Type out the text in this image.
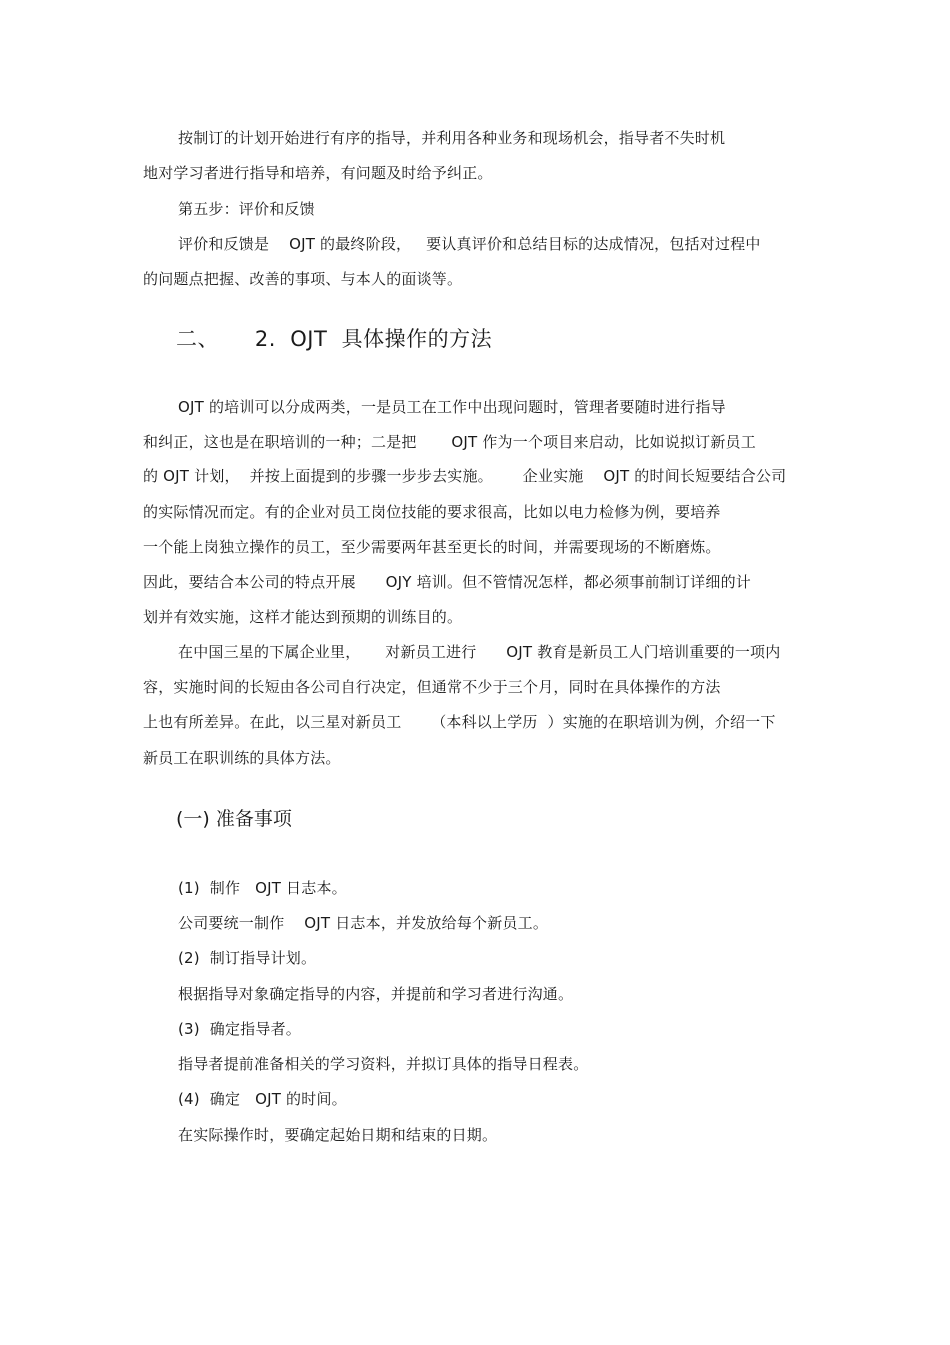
按制订的计划开始进行有序的指导，并利用各种业务和现场机会，指导者不失时机
地对学习者进行指导和培养，有问题及时给予纠正。
第五步：评价和反馈
评价和反馈是    OJT 的最终阶段，   要认真评价和总结目标的达成情况，包括对过程中
的问题点把握、改善的事项、与本人的面谈等。
二、     2.  OJT  具体操作的方法
OJT 的培训可以分成两类，一是员工在工作中出现问题时，管理者要随时进行指导
和纠正，这也是在职培训的一种；二是把       OJT 作为一个项目来启动，比如说拟订新员工
的 OJT 计划，  并按上面提到的步骤一步步去实施。      企业实施    OJT 的时间长短要结合公司
的实际情况而定。有的企业对员工岗位技能的要求很高，比如以电力检修为例，要培养
一个能上岗独立操作的员工，至少需要两年甚至更长的时间，并需要现场的不断磨炼。
因此，要结合本公司的特点开展      OJY 培训。但不管情况怎样，都必须事前制订详细的计
划并有效实施，这样才能达到预期的训练目的。
在中国三星的下属企业里，     对新员工进行      OJT 教育是新员工人门培训重要的一项内
容，实施时间的长短由各公司自行决定，但通常不少于三个月，同时在具体操作的方法
上也有所差异。在此，以三星对新员工      （本科以上学历  ）实施的在职培训为例，介绍一下
新员工在职训练的具体方法。
(一) 准备事项
(1)  制作   OJT 日志本。
公司要统一制作    OJT 日志本，并发放给每个新员工。
(2)  制订指导计划。
根据指导对象确定指导的内容，并提前和学习者进行沟通。
(3)  确定指导者。
指导者提前准备相关的学习资料，并拟订具体的指导日程表。
(4)  确定   OJT 的时间。
在实际操作时，要确定起始日期和结束的日期。
